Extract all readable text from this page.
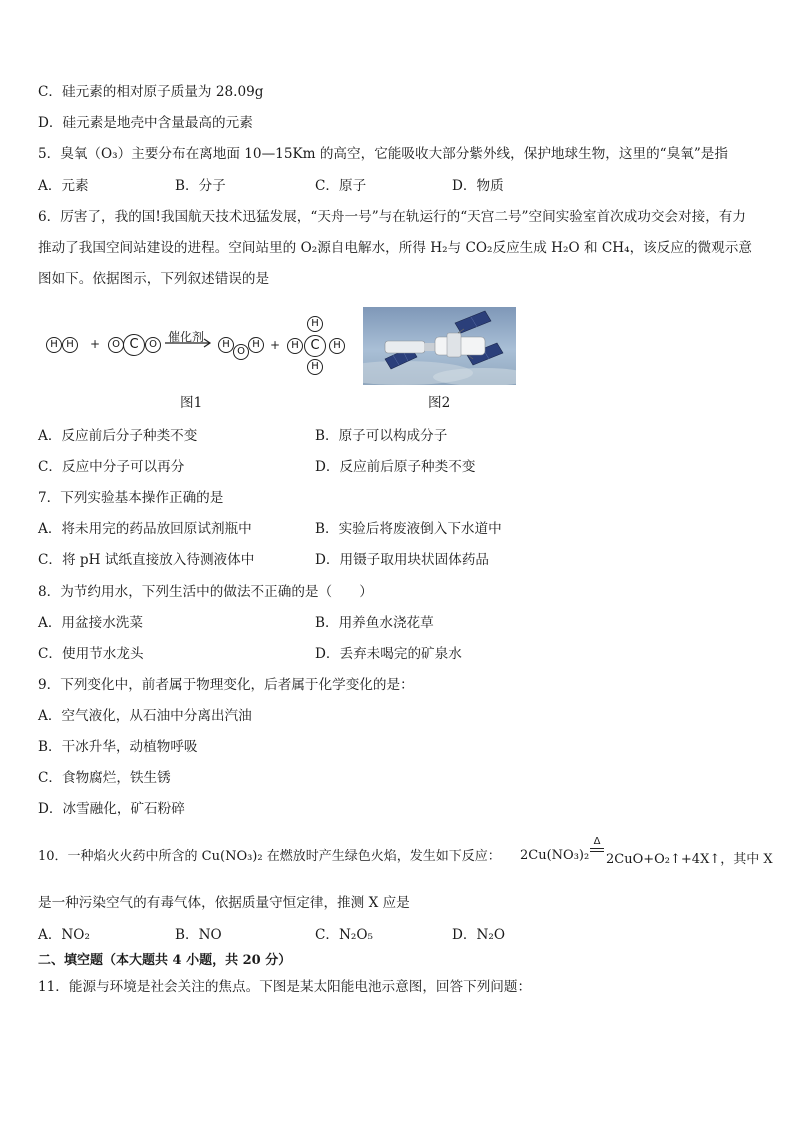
C．硅元素的相对原子质量为 28.09g
D．硅元素是地壳中含量最高的元素
5．臭氧（O₃）主要分布在离地面 10—15Km 的高空，它能吸收大部分紫外线，保护地球生物，这里的“臭氧”是指
A．元素	B．分子	C．原子	D．物质
6．厉害了，我的国!我国航天技术迅猛发展，“天舟一号”与在轨运行的“天宫二号”空间实验室首次成功交会对接，有力
推动了我国空间站建设的进程。空间站里的 O₂源自电解水，所得 H₂与 CO₂反应生成 H₂O 和 CH₄，该反应的微观示意
图如下。依据图示，下列叙述错误的是
H H	+	O C	O
催化剂
→ H
O
H +
H
H C	H
H
图1	图2
A．反应前后分子种类不变	B．原子可以构成分子
C．反应中分子可以再分	D．反应前后原子种类不变
7．下列实验基本操作正确的是
A．将未用完的药品放回原试剂瓶中	B．实验后将废液倒入下水道中
C．将 pH 试纸直接放入待测液体中	D．用镊子取用块状固体药品
8．为节约用水，下列生活中的做法不正确的是（　　）
A．用盆接水洗菜	B．用养鱼水浇花草
C．使用节水龙头	D．丢弃未喝完的矿泉水
9．下列变化中，前者属于物理变化，后者属于化学变化的是：
A．空气液化，从石油中分离出汽油
B．干冰升华，动植物呼吸
C．食物腐烂，铁生锈
D．冰雪融化，矿石粉碎
10．一种焰火火药中所含的 Cu(NO₃)₂ 在燃放时产生绿色火焰，发生如下反应： 2Cu(NO₃)₂
Δ
2CuO+O₂↑+4X↑，其中 X
是一种污染空气的有毒气体，依据质量守恒定律，推测 X 应是
A．NO₂	B．NO	C．N₂O₅	D．N₂O
二、填空题（本大题共 4 小题，共 20 分）
11．能源与环境是社会关注的焦点。下图是某太阳能电池示意图，回答下列问题：
